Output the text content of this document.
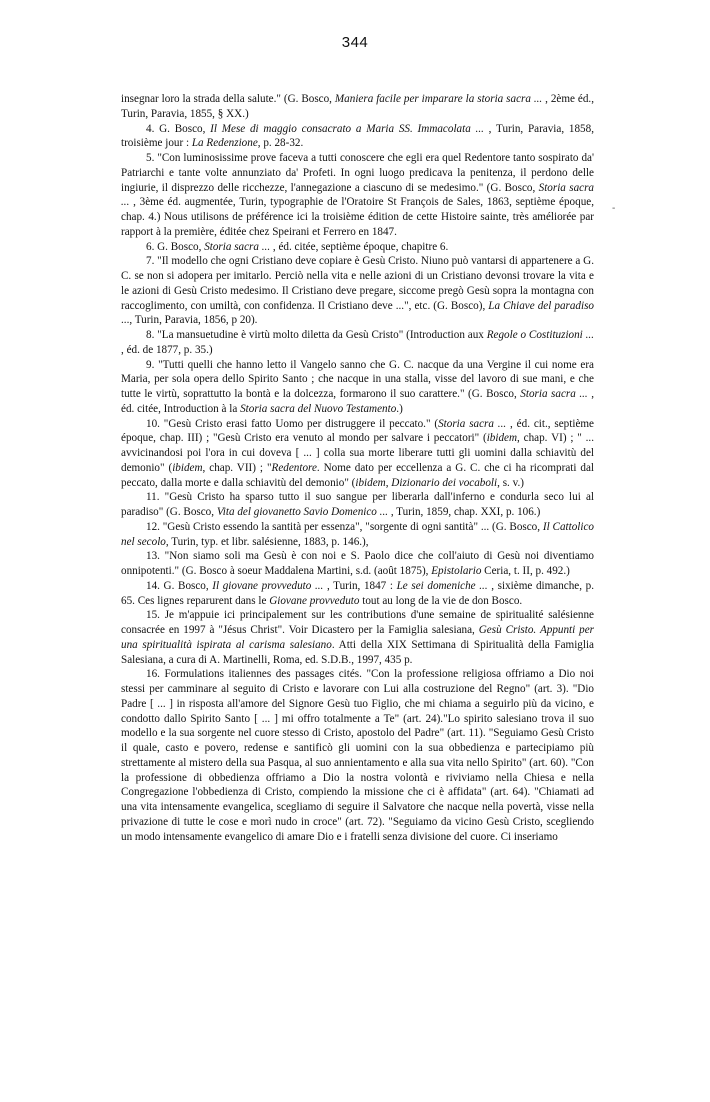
344
-

insegnar loro la strada della salute." (G. Bosco, Maniera facile per imparare la storia sacra ... , 2ème éd., Turin, Paravia, 1855, § XX.)

4. G. Bosco, Il Mese di maggio consacrato a Maria SS. Immacolata ... , Turin, Paravia, 1858, troisième jour : La Redenzione, p. 28-32.

5. "Con luminosissime prove faceva a tutti conoscere che egli era quel Redentore tanto sospirato da' Patriarchi e tante volte annunziato da' Profeti. In ogni luogo predicava la penitenza, il perdono delle ingiurie, il disprezzo delle ricchezze, l'annegazione a ciascuno di se medesimo." (G. Bosco, Storia sacra ... , 3ème éd. augmentée, Turin, typographie de l'Oratoire St François de Sales, 1863, septième époque, chap. 4.) Nous utilisons de préférence ici la troisième édition de cette Histoire sainte, très améliorée par rapport à la première, éditée chez Speirani et Ferrero en 1847.

6. G. Bosco, Storia sacra ... , éd. citée, septième époque, chapitre 6.

7. "Il modello che ogni Cristiano deve copiare è Gesù Cristo. Niuno può vantarsi di appartenere a G. C. se non si adopera per imitarlo. Perciò nella vita e nelle azioni di un Cristiano devonsi trovare la vita e le azioni di Gesù Cristo medesimo. Il Cristiano deve pregare, siccome pregò Gesù sopra la montagna con raccoglimento, con umiltà, con confidenza. Il Cristiano deve ...", etc. (G. Bosco), La Chiave del paradiso ..., Turin, Paravia, 1856, p 20).

8. "La mansuetudine è virtù molto diletta da Gesù Cristo" (Introduction aux Regole o Costituzioni ... , éd. de 1877, p. 35.)

9. "Tutti quelli che hanno letto il Vangelo sanno che G. C. nacque da una Vergine il cui nome era Maria, per sola opera dello Spirito Santo ; che nacque in una stalla, visse del lavoro di sue mani, e che tutte le virtù, soprattutto la bontà e la dolcezza, formarono il suo carattere." (G. Bosco, Storia sacra ... , éd. citée, Introduction à la Storia sacra del Nuovo Testamento.)

10. "Gesù Cristo erasi fatto Uomo per distruggere il peccato." (Storia sacra ... , éd. cit., septième époque, chap. III) ; "Gesù Cristo era venuto al mondo per salvare i peccatori" (ibidem, chap. VI) ; " ... avvicinandosi poi l'ora in cui doveva [ ... ] colla sua morte liberare tutti gli uomini dalla schiavitù del demonio" (ibidem, chap. VII) ; "Redentore. Nome dato per eccellenza a G. C. che ci ha ricomprati dal peccato, dalla morte e dalla schiavitù del demonio" (ibidem, Dizionario dei vocaboli, s. v.)

11. "Gesù Cristo ha sparso tutto il suo sangue per liberarla dall'inferno e condurla seco lui al paradiso" (G. Bosco, Vita del giovanetto Savio Domenico ... , Turin, 1859, chap. XXI, p. 106.)

12. "Gesù Cristo essendo la santità per essenza", "sorgente di ogni santità" ... (G. Bosco, Il Cattolico nel secolo, Turin, typ. et libr. salésienne, 1883, p. 146.),

13. "Non siamo soli ma Gesù è con noi e S. Paolo dice che coll'aiuto di Gesù noi diventiamo onnipotenti." (G. Bosco à soeur Maddalena Martini, s.d. (août 1875), Epistolario Ceria, t. II, p. 492.)

14. G. Bosco, Il giovane provveduto ... , Turin, 1847 : Le sei domeniche ... , sixième dimanche, p. 65. Ces lignes reparurent dans le Giovane provveduto tout au long de la vie de don Bosco.

15. Je m'appuie ici principalement sur les contributions d'une semaine de spiritualité salésienne consacrée en 1997 à "Jésus Christ". Voir Dicastero per la Famiglia salesiana, Gesù Cristo. Appunti per una spiritualità ispirata al carisma salesiano. Atti della XIX Settimana di Spiritualità della Famiglia Salesiana, a cura di A. Martinelli, Roma, ed. S.D.B., 1997, 435 p.

16. Formulations italiennes des passages cités. "Con la professione religiosa offriamo a Dio noi stessi per camminare al seguito di Cristo e lavorare con Lui alla costruzione del Regno" (art. 3). "Dio Padre [ ... ] in risposta all'amore del Signore Gesù tuo Figlio, che mi chiama a seguirlo più da vicino, e condotto dallo Spirito Santo [ ... ] mi offro totalmente a Te" (art. 24)."Lo spirito salesiano trova il suo modello e la sua sorgente nel cuore stesso di Cristo, apostolo del Padre" (art. 11). "Seguiamo Gesù Cristo il quale, casto e povero, redense e santificò gli uomini con la sua obbedienza e partecipiamo più strettamente al mistero della sua Pasqua, al suo annientamento e alla sua vita nello Spirito" (art. 60). "Con la professione di obbedienza offriamo a Dio la nostra volontà e riviviamo nella Chiesa e nella Congregazione l'obbedienza di Cristo, compiendo la missione che ci è affidata" (art. 64). "Chiamati ad una vita intensamente evangelica, scegliamo di seguire il Salvatore che nacque nella povertà, visse nella privazione di tutte le cose e morì nudo in croce" (art. 72). "Seguiamo da vicino Gesù Cristo, scegliendo un modo intensamente evangelico di amare Dio e i fratelli senza divisione del cuore. Ci inseriamo
